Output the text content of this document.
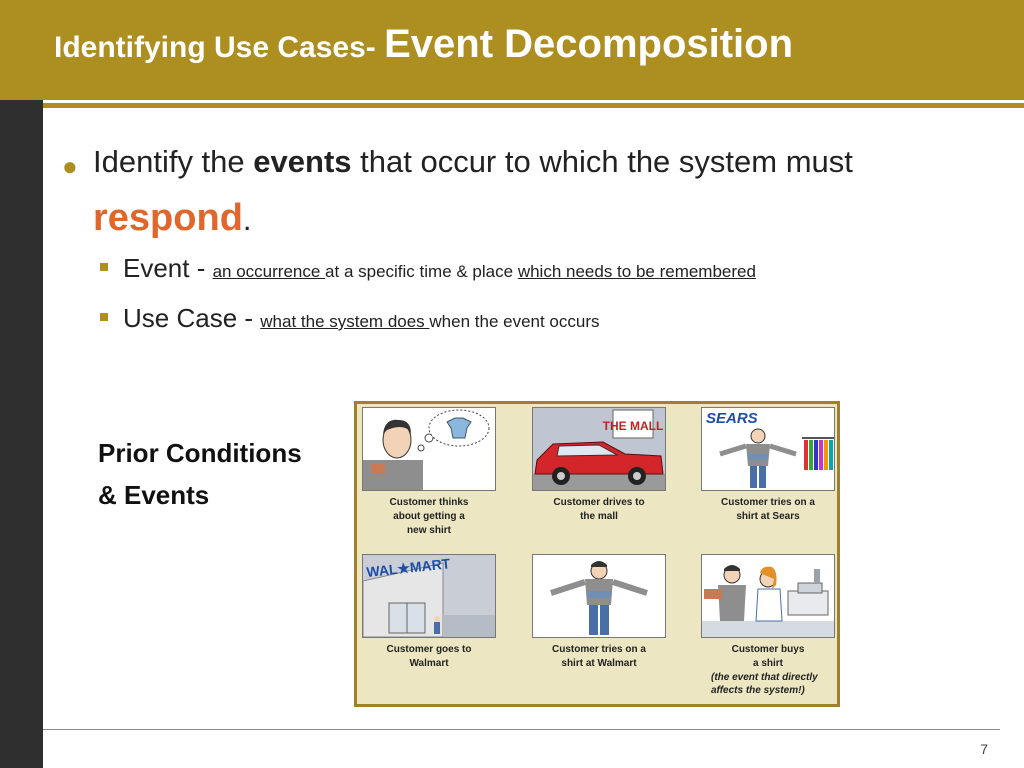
Identifying Use Cases- Event Decomposition
● Identify the events that occur to which the system must respond.
Event - an occurrence at a specific time & place which needs to be remembered
Use Case - what the system does when the event occurs
Prior Conditions
& Events	Customer thinks
about getting a
new shirt
THE MALL
Customer drives to
the mall
SEARS
Customer tries on a
shirt at Sears
WAL★MART
Customer goes to
Walmart
Customer tries on a
shirt at Walmart
Customer buys
a shirt
(the event that directly
affects the system!)
7
